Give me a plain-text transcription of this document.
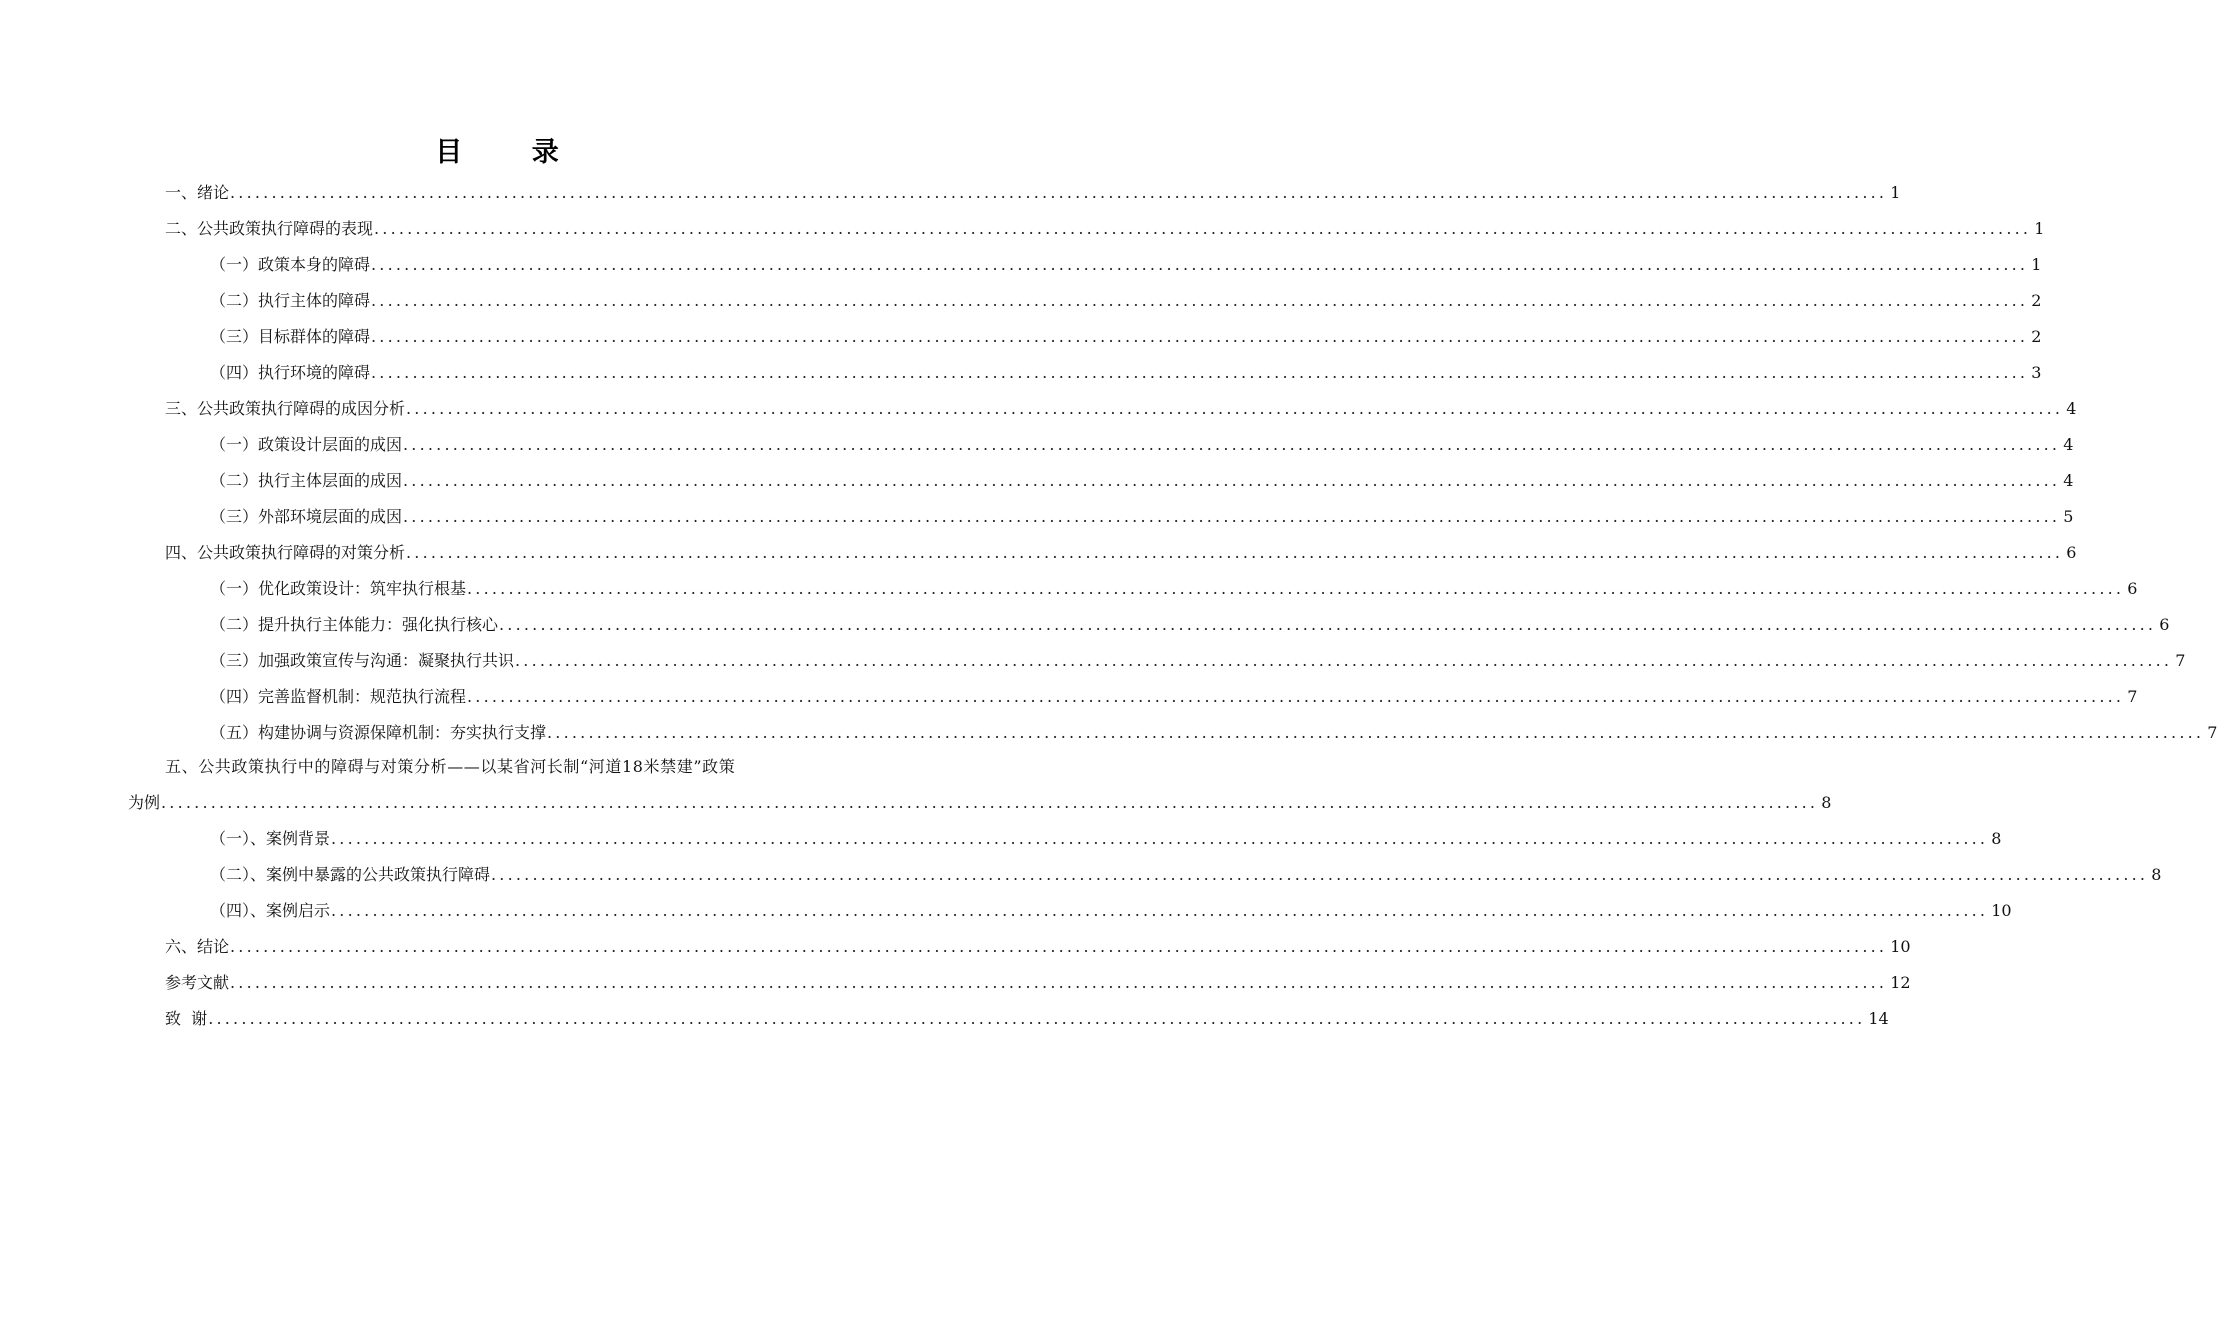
目 录
一、绪论 ........................................................................................................................................................................................................ 1
二、公共政策执行障碍的表现 ........................................................................................................................................................................................................ 1
（一）政策本身的障碍 ........................................................................................................................................................................................................ 1
（二）执行主体的障碍 ........................................................................................................................................................................................................ 2
（三）目标群体的障碍 ........................................................................................................................................................................................................ 2
（四）执行环境的障碍 ........................................................................................................................................................................................................ 3
三、公共政策执行障碍的成因分析 ........................................................................................................................................................................................................ 4
（一）政策设计层面的成因 ........................................................................................................................................................................................................ 4
（二）执行主体层面的成因 ........................................................................................................................................................................................................ 4
（三）外部环境层面的成因 ........................................................................................................................................................................................................ 5
四、公共政策执行障碍的对策分析 ........................................................................................................................................................................................................ 6
（一）优化政策设计：筑牢执行根基 ........................................................................................................................................................................................................ 6
（二）提升执行主体能力：强化执行核心 ........................................................................................................................................................................................................ 6
（三）加强政策宣传与沟通：凝聚执行共识 ........................................................................................................................................................................................................ 7
（四）完善监督机制：规范执行流程 ........................................................................................................................................................................................................ 7
（五）构建协调与资源保障机制：夯实执行支撑 ........................................................................................................................................................................................................ 7
五、公共政策执行中的障碍与对策分析——以某省河长制“河道18米禁建”政策
为例 ........................................................................................................................................................................................................ 8
（一）、案例背景 ........................................................................................................................................................................................................ 8
（二）、案例中暴露的公共政策执行障碍 ........................................................................................................................................................................................................ 8
（四）、案例启示 ........................................................................................................................................................................................................ 10
六、结论 ........................................................................................................................................................................................................ 10
参考文献 ........................................................................................................................................................................................................ 12
致  谢 ........................................................................................................................................................................................................ 14
